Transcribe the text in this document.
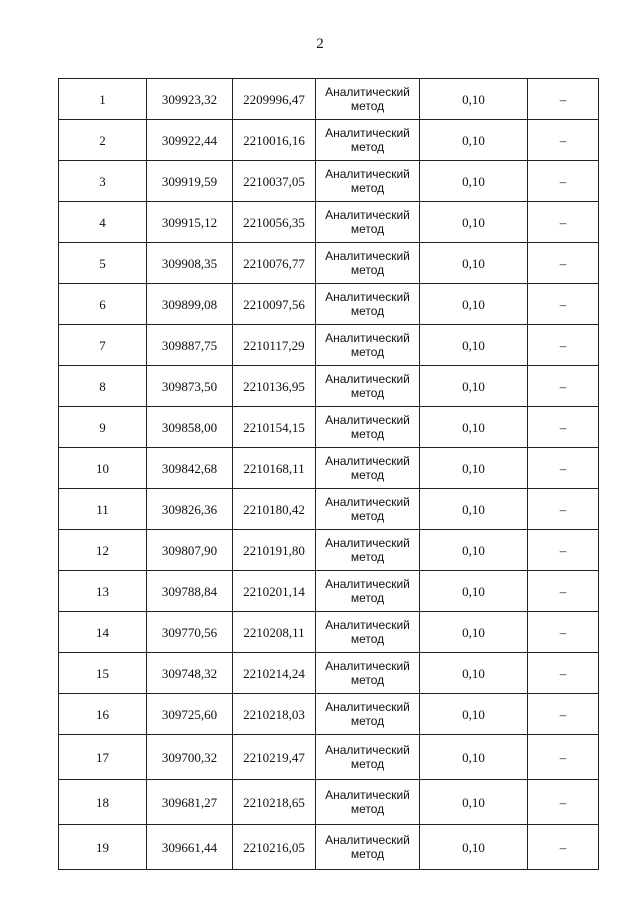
2
1	309923,32	2209996,47	Аналитический метод	0,10	–
2	309922,44	2210016,16	Аналитический метод	0,10	–
3	309919,59	2210037,05	Аналитический метод	0,10	–
4	309915,12	2210056,35	Аналитический метод	0,10	–
5	309908,35	2210076,77	Аналитический метод	0,10	–
6	309899,08	2210097,56	Аналитический метод	0,10	–
7	309887,75	2210117,29	Аналитический метод	0,10	–
8	309873,50	2210136,95	Аналитический метод	0,10	–
9	309858,00	2210154,15	Аналитический метод	0,10	–
10	309842,68	2210168,11	Аналитический метод	0,10	–
11	309826,36	2210180,42	Аналитический метод	0,10	–
12	309807,90	2210191,80	Аналитический метод	0,10	–
13	309788,84	2210201,14	Аналитический метод	0,10	–
14	309770,56	2210208,11	Аналитический метод	0,10	–
15	309748,32	2210214,24	Аналитический метод	0,10	–
16	309725,60	2210218,03	Аналитический метод	0,10	–
17	309700,32	2210219,47	Аналитический метод	0,10	–
18	309681,27	2210218,65	Аналитический метод	0,10	–
19	309661,44	2210216,05	Аналитический метод	0,10	–
